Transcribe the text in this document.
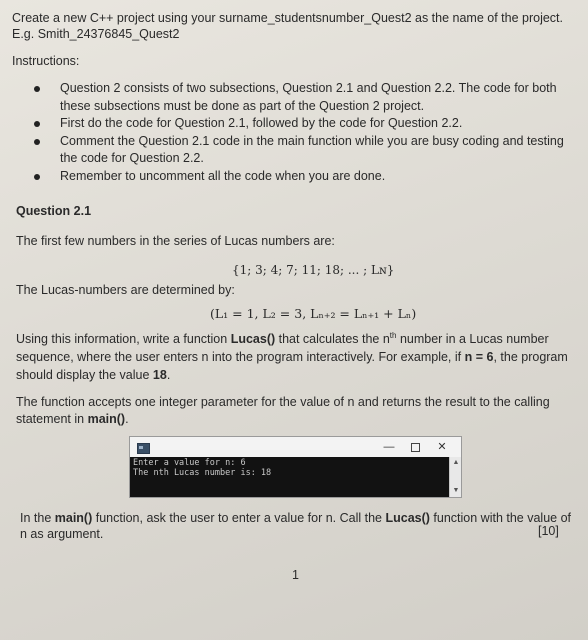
Create a new C++ project using your surname_studentsnumber_Quest2 as the name of the project.
E.g. Smith_24376845_Quest2
Instructions:
Question 2 consists of two subsections, Question 2.1 and Question 2.2. The code for both
these subsections must be done as part of the Question 2 project.
First do the code for Question 2.1, followed by the code for Question 2.2.
Comment the Question 2.1 code in the main function while you are busy coding and testing
the code for Question 2.2.
Remember to uncomment all the code when you are done.
Question 2.1
The first few numbers in the series of Lucas numbers are:
{1; 3; 4; 7; 11; 18; ... ; Lɴ}
The Lucas-numbers are determined by:
(L₁ = 1, L₂ = 3, Lₙ₊₂ = Lₙ₊₁ + Lₙ)
Using this information, write a function Lucas() that calculates the $n^{th}$ number in a Lucas number
sequence, where the user enters n into the program interactively. For example, if n = 6, the program
should display the value 18.
The function accepts one integer parameter for the value of n and returns the result to the calling
statement in main().
—	✕
Enter a value for n: 6
The nth Lucas number is: 18
▲
▼
In the main() function, ask the user to enter a value for n. Call the Lucas() function with the value of
n as argument.	[10]
1
